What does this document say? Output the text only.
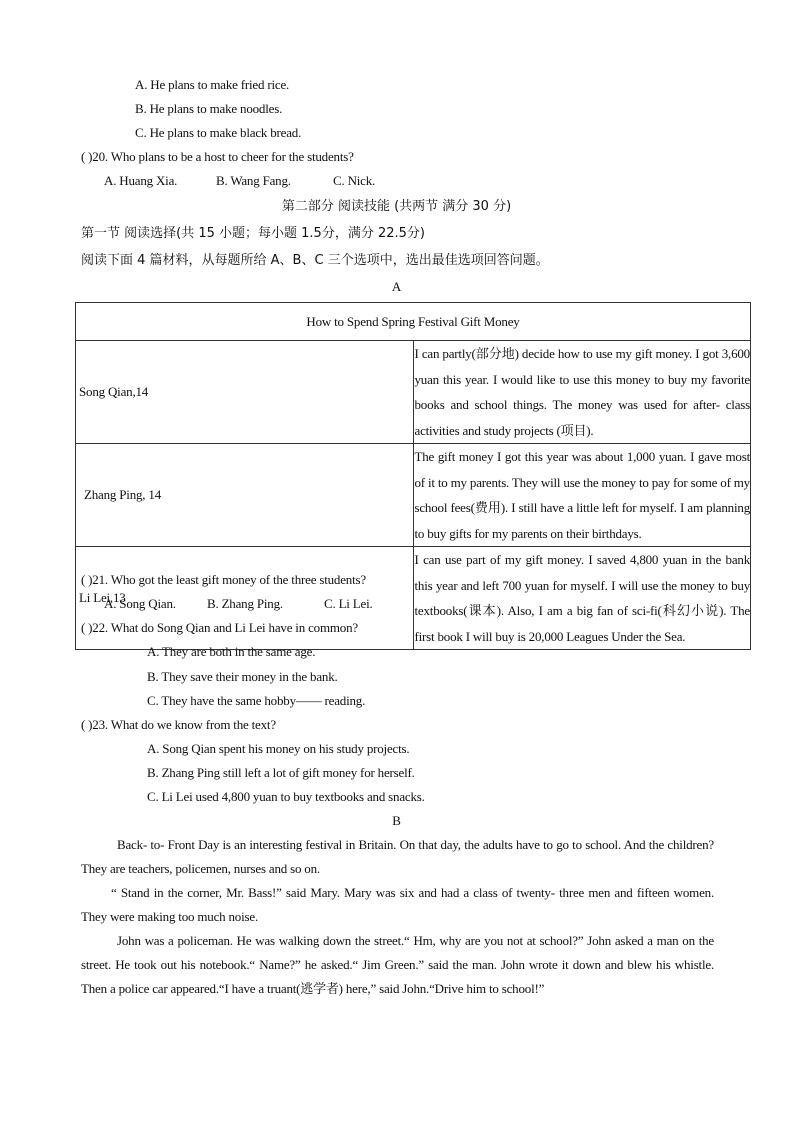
A. He plans to make fried rice.
B. He plans to make noodles.
C. He plans to make black bread.
( )20. Who plans to be a host to cheer for the students?
A. Huang Xia.	B. Wang Fang.	C. Nick.
第二部分 阅读技能 (共两节 满分 30 分)
第一节 阅读选择(共 15 小题；每小题 1.5分，满分 22.5分)
阅读下面 4 篇材料，从每题所给 A、B、C 三个选项中，选出最佳选项回答问题。
A
How to Spend Spring Festival Gift Money	
Song Qian,14	I can partly(部分地) decide how to use my gift money. I got 3,600 yuan this year. I would like to use this money to buy my favorite books and school things. The money was used for after- class activities and study projects (项目).
Zhang Ping, 14	The gift money I got this year was about 1,000 yuan. I gave most of it to my parents. They will use the money to pay for some of my school fees(费用). I still have a little left for myself. I am planning to buy gifts for my parents on their birthdays.
Li Lei,13	I can use part of my gift money. I saved 4,800 yuan in the bank this year and left 700 yuan for myself. I will use the money to buy textbooks(课本). Also, I am a big fan of sci-fi(科幻小说). The first book I will buy is 20,000 Leagues Under the Sea.
( )21. Who got the least gift money of the three students?
A. Song Qian. B. Zhang Ping.	C. Li Lei.
( )22. What do Song Qian and Li Lei have in common?
A. They are both in the same age.
B. They save their money in the bank.
C. They have the same hobby—— reading.
( )23. What do we know from the text?
A. Song Qian spent his money on his study projects.
B. Zhang Ping still left a lot of gift money for herself.
C. Li Lei used 4,800 yuan to buy textbooks and snacks.
B
Back- to- Front Day is an interesting festival in Britain. On that day, the adults have to go to school. And the children? They are teachers, policemen, nurses and so on.
“ Stand in the corner, Mr. Bass!” said Mary. Mary was six and had a class of twenty- three men and fifteen women. They were making too much noise.
John was a policeman. He was walking down the street.“ Hm, why are you not at school?” John asked a man on the street. He took out his notebook.“ Name?” he asked.“ Jim Green.” said the man. John wrote it down and blew his whistle. Then a police car appeared.“I have a truant(逃学者) here,” said John.“Drive him to school!”
